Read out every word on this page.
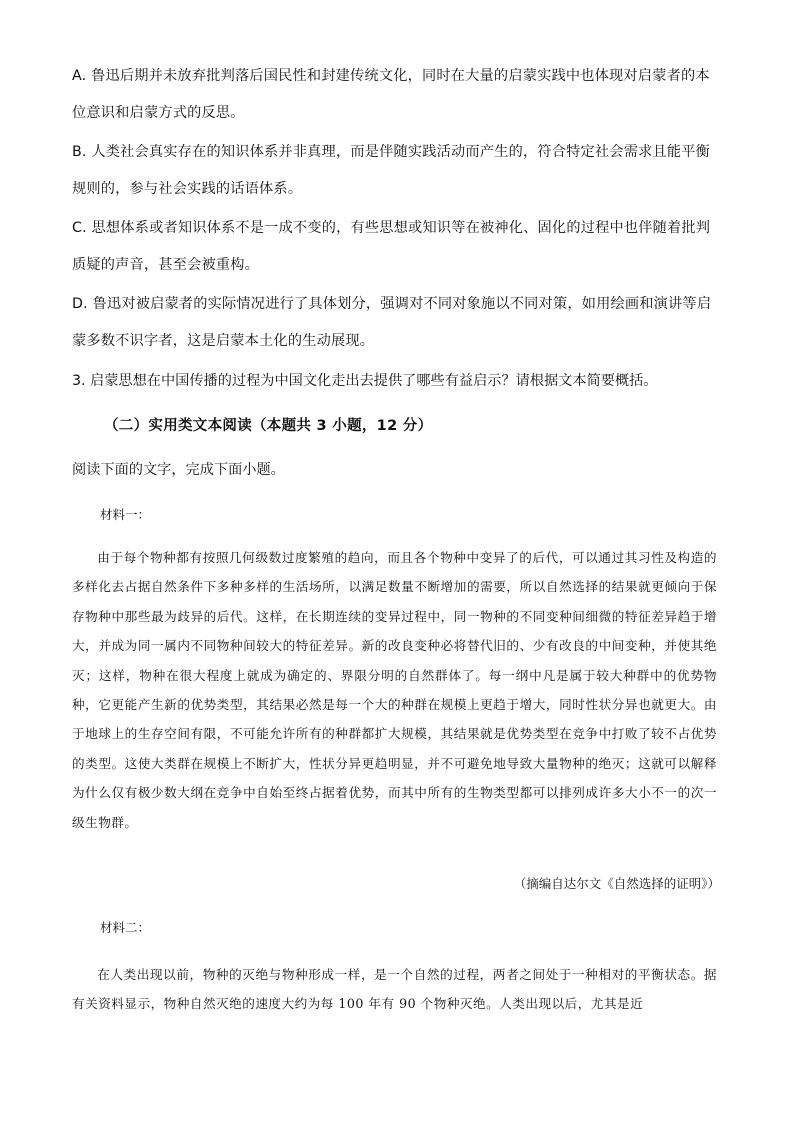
A. 鲁迅后期并未放弃批判落后国民性和封建传统文化，同时在大量的启蒙实践中也体现对启蒙者的本位意识和启蒙方式的反思。

B. 人类社会真实存在的知识体系并非真理，而是伴随实践活动而产生的，符合特定社会需求且能平衡规则的，参与社会实践的话语体系。

C. 思想体系或者知识体系不是一成不变的，有些思想或知识等在被神化、固化的过程中也伴随着批判质疑的声音，甚至会被重构。

D. 鲁迅对被启蒙者的实际情况进行了具体划分，强调对不同对象施以不同对策，如用绘画和演讲等启蒙多数不识字者，这是启蒙本土化的生动展现。

3. 启蒙思想在中国传播的过程为中国文化走出去提供了哪些有益启示？请根据文本简要概括。

（二）实用类文本阅读（本题共 3 小题，12 分）

阅读下面的文字，完成下面小题。

材料一：

由于每个物种都有按照几何级数过度繁殖的趋向，而且各个物种中变异了的后代，可以通过其习性及构造的多样化去占据自然条件下多种多样的生活场所，以满足数量不断增加的需要，所以自然选择的结果就更倾向于保存物种中那些最为歧异的后代。这样，在长期连续的变异过程中，同一物种的不同变种间细微的特征差异趋于增大，并成为同一属内不同物种间较大的特征差异。新的改良变种必将替代旧的、少有改良的中间变种，并使其绝灭；这样，物种在很大程度上就成为确定的、界限分明的自然群体了。每一纲中凡是属于较大种群中的优势物种，它更能产生新的优势类型，其结果必然是每一个大的种群在规模上更趋于增大，同时性状分异也就更大。由于地球上的生存空间有限，不可能允许所有的种群都扩大规模，其结果就是优势类型在竞争中打败了较不占优势的类型。这使大类群在规模上不断扩大，性状分异更趋明显，并不可避免地导致大量物种的绝灭；这就可以解释为什么仅有极少数大纲在竞争中自始至终占据着优势，而其中所有的生物类型都可以排列成许多大小不一的次一级生物群。

（摘编自达尔文《自然选择的证明》）

材料二：

在人类出现以前，物种的灭绝与物种形成一样，是一个自然的过程，两者之间处于一种相对的平衡状态。据有关资料显示，物种自然灭绝的速度大约为每 100 年有 90 个物种灭绝。人类出现以后，尤其是近
